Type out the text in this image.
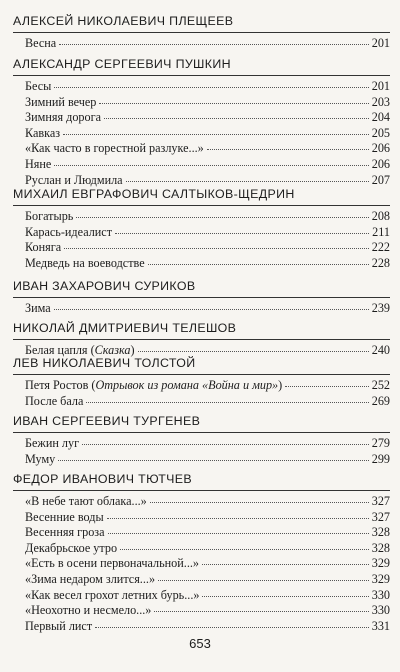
АЛЕКСЕЙ НИКОЛАЕВИЧ ПЛЕЩЕЕВ
Весна	201
АЛЕКСАНДР СЕРГЕЕВИЧ ПУШКИН
Бесы	201
Зимний вечер	203
Зимняя дорога	204
Кавказ	205
«Как часто в горестной разлуке...»	206
Няне	206
Руслан и Людмила	207
МИХАИЛ ЕВГРАФОВИЧ САЛТЫКОВ-ЩЕДРИН
Богатырь	208
Карась-идеалист	211
Коняга	222
Медведь на воеводстве	228
ИВАН ЗАХАРОВИЧ СУРИКОВ
Зима	239
НИКОЛАЙ ДМИТРИЕВИЧ ТЕЛЕШОВ
Белая цапля (Сказка)	240
ЛЕВ НИКОЛАЕВИЧ ТОЛСТОЙ
Петя Ростов (Отрывок из романа «Война и мир»)	252
После бала	269
ИВАН СЕРГЕЕВИЧ ТУРГЕНЕВ
Бежин луг	279
Муму	299
ФЕДОР ИВАНОВИЧ ТЮТЧЕВ
«В небе тают облака...»	327
Весенние воды	327
Весенняя гроза	328
Декабрьское утро	328
«Есть в осени первоначальной...»	329
«Зима недаром злится...»	329
«Как весел грохот летних бурь...»	330
«Неохотно и несмело...»	330
Первый лист	331
653
